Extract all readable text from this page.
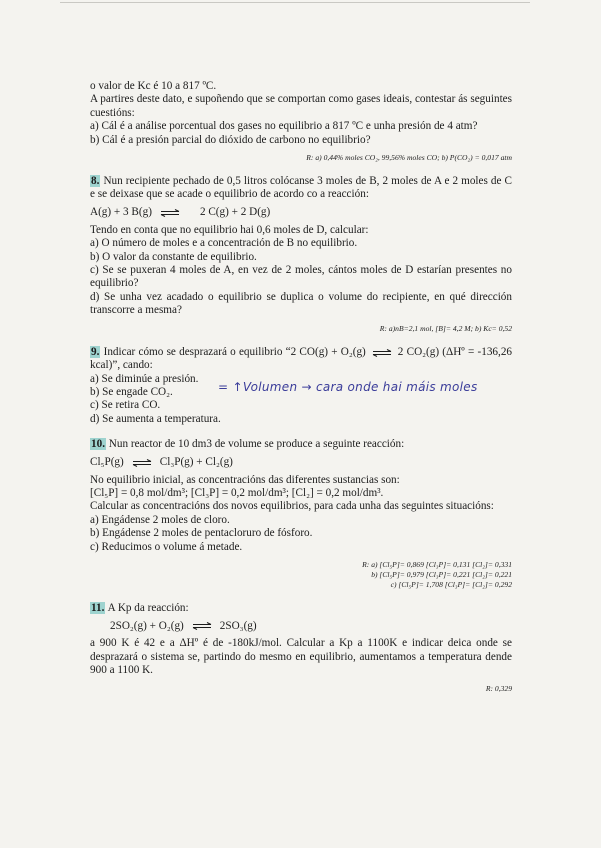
o valor de Kc é 10 a 817 ºC.

A partires deste dato, e supoñendo que se comportan como gases ideais, contestar ás seguintes cuestións:

a) Cál é a análise porcentual dos gases no equilibrio a 817 ºC e unha presión de 4 atm?

b) Cál é a presión parcial do dióxido de carbono no equilibrio?

R: a) 0,44% moles CO₂, 99,56% moles CO; b) P(CO₂) = 0,017 atm

8. Nun recipiente pechado de 0,5 litros colócanse 3 moles de B, 2 moles de A e 2 moles de C e se deixase que se acade o equilibrio de acordo co a reacción:

A(g) + 3 B(g) ⇌ 2 C(g) + 2 D(g)

Tendo en conta que no equilibrio hai 0,6 moles de D, calcular:

a) O número de moles e a concentración de B no equilibrio.

b) O valor da constante de equilibrio.

c) Se se puxeran 4 moles de A, en vez de 2 moles, cántos moles de D estarían presentes no equilibrio?

d) Se unha vez acadado o equilibrio se duplica o volume do recipiente, en qué dirección transcorre a mesma?

R: a)nB=2,1 mol, [B]= 4,2 M; b) Kc= 0,52

9. Indicar cómo se desprazará o equilibrio “2 CO(g) + O₂(g) ⇌ 2 CO₂(g) (ΔHº = -136,26 kcal)”, cando:

a) Se diminúe a presión.

b) Se engade CO₂.

c) Se retira CO.

d) Se aumenta a temperatura.

10. Nun reactor de 10 dm3 de volume se produce a seguinte reacción:

Cl₅P(g) ⇌ Cl₃P(g) + Cl₂(g)

No equilibrio inicial, as concentracións das diferentes sustancias son:

[Cl₅P] = 0,8 mol/dm³; [Cl₃P] = 0,2 mol/dm³; [Cl₂] = 0,2 mol/dm³.

Calcular as concentracións dos novos equilibrios, para cada unha das seguintes situacións:

a) Engádense 2 moles de cloro.

b) Engádense 2 moles de pentacloruro de fósforo.

c) Reducimos o volume á metade.

R: a) [Cl₅P]= 0,869 [Cl₃P]= 0,131 [Cl₂]= 0,331
b) [Cl₅P]= 0,979 [Cl₃P]= 0,221 [Cl₂]= 0,221
c) [Cl₅P]= 1,708 [Cl₃P]= [Cl₂]= 0,292

11. A Kp da reacción:

2SO₂(g) + O₂(g) ⇌ 2SO₃(g)

a 900 K é 42 e a ΔHº é de -180kJ/mol. Calcular a Kp a 1100K e indicar deica onde se desprazará o sistema se, partindo do mesmo en equilibrio, aumentamos a temperatura dende 900 a 1100 K.

R: 0,329

= ↑Volumen → cara onde hai máis moles
